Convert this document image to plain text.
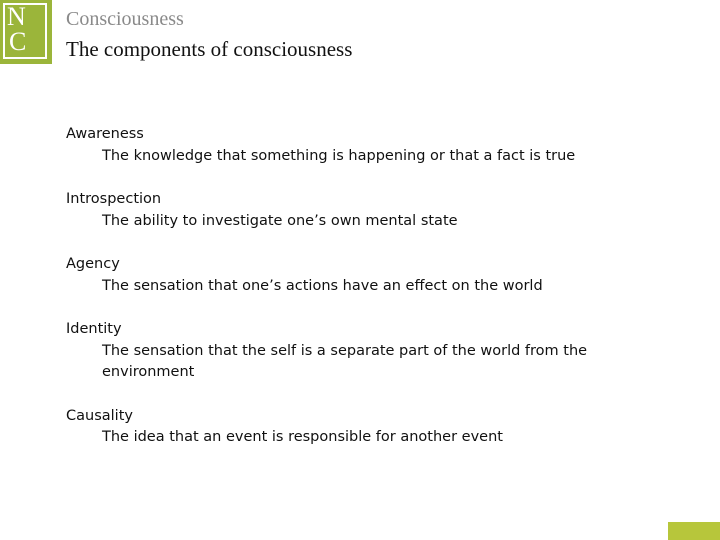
N
C
Consciousness
The components of consciousness
Awareness
The knowledge that something is happening or that a fact is true
Introspection
The ability to investigate one’s own mental state
Agency
The sensation that one’s actions have an effect on the world
Identity
The sensation that the self is a separate part of the world from the environment
Causality
The idea that an event is responsible for another event
